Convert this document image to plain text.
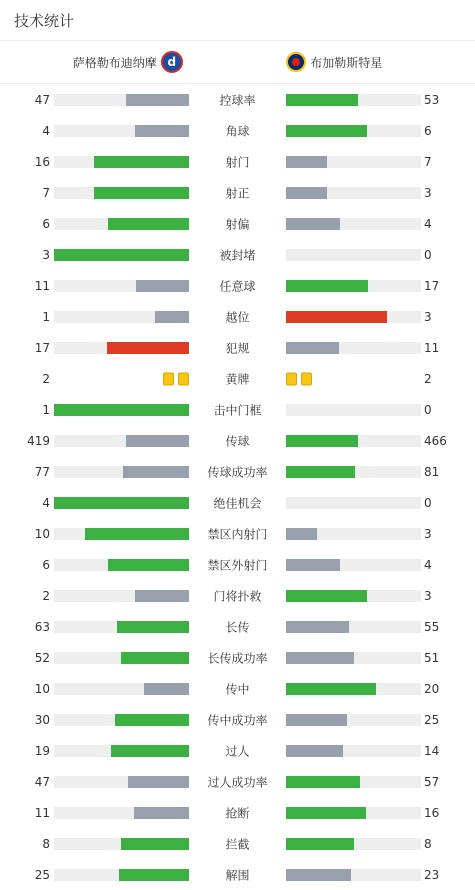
技术统计
萨格勒布迪纳摩 d	布加勒斯特星
47	控球率	53
4	角球	6
16	射门	7
7	射正	3
6	射偏	4
3	被封堵	0
11	任意球	17
1	越位	3
17	犯规	11
2	黄牌	2
1	击中门框	0
419	传球	466
77	传球成功率	81
4	绝佳机会	0
10	禁区内射门	3
6	禁区外射门	4
2	门将扑救	3
63	长传	55
52	长传成功率	51
10	传中	20
30	传中成功率	25
19	过人	14
47	过人成功率	57
11	抢断	16
8	拦截	8
25	解围	23
